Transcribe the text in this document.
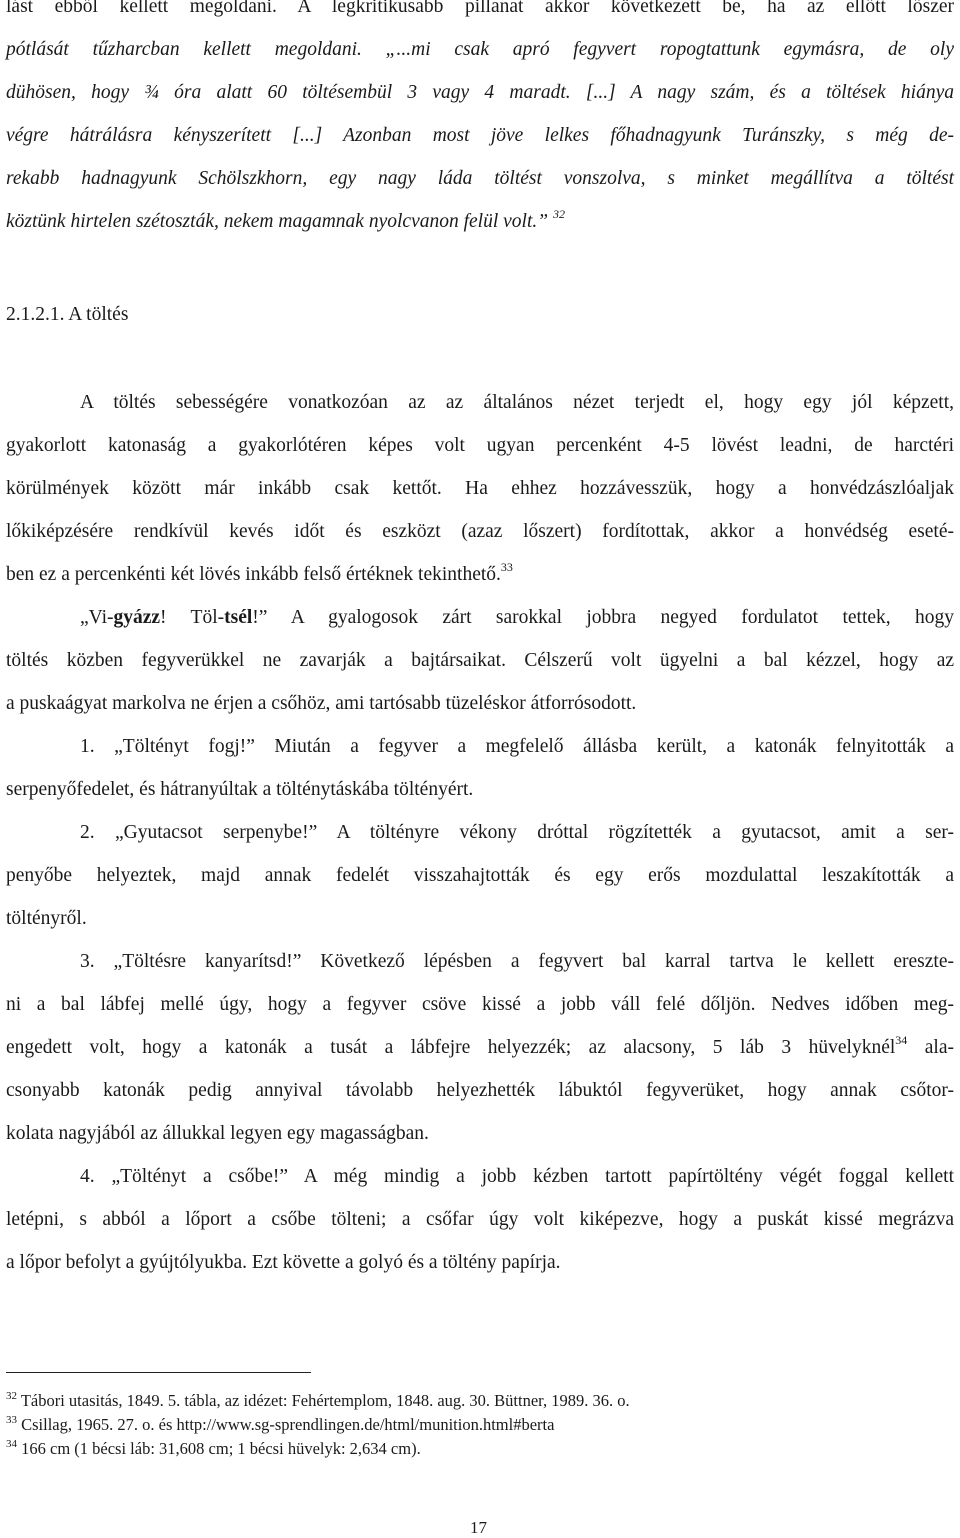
lást ebből kellett megoldani. A legkritikusabb pillanat akkor következett be, ha az ellőtt lőszer
pótlását tűzharcban kellett megoldani. „...mi csak apró fegyvert ropogtattunk egymásra, de oly
dühösen, hogy ¾ óra alatt 60 töltésembül 3 vagy 4 maradt. [...] A nagy szám, és a töltések hiánya
végre hátrálásra kényszerített [...] Azonban most jöve lelkes főhadnagyunk Turánszky, s még de-
rekabb hadnagyunk Schölszkhorn, egy nagy láda töltést vonszolva, s minket megállítva a töltést
köztünk hirtelen szétoszták, nekem magamnak nyolcvanon felül volt.” $^{32}$
2.1.2.1. A töltés
A töltés sebességére vonatkozóan az az általános nézet terjedt el, hogy egy jól képzett,
gyakorlott katonaság a gyakorlótéren képes volt ugyan percenként 4-5 lövést leadni, de harctéri
körülmények között már inkább csak kettőt. Ha ehhez hozzávesszük, hogy a honvédzászlóaljak
lőkiképzésére rendkívül kevés időt és eszközt (azaz lőszert) fordítottak, akkor a honvédség eseté-
ben ez a percenkénti két lövés inkább felső értéknek tekinthető.$^{33}$
„Vi-gyázz! Töl-tsél!” A gyalogosok zárt sarokkal jobbra negyed fordulatot tettek, hogy
töltés közben fegyverükkel ne zavarják a bajtársaikat. Célszerű volt ügyelni a bal kézzel, hogy az
a puskaágyat markolva ne érjen a csőhöz, ami tartósabb tüzeléskor átforrósodott.
1. „Töltényt fogj!” Miután a fegyver a megfelelő állásba került, a katonák felnyitották a
serpenyőfedelet, és hátranyúltak a tölténytáskába töltényért.
2. „Gyutacsot serpenybe!” A töltényre vékony dróttal rögzítették a gyutacsot, amit a ser-
penyőbe helyeztek, majd annak fedelét visszahajtották és egy erős mozdulattal leszakították a
töltényről.
3. „Töltésre kanyarítsd!” Következő lépésben a fegyvert bal karral tartva le kellett ereszte-
ni a bal lábfej mellé úgy, hogy a fegyver csöve kissé a jobb váll felé dőljön. Nedves időben meg-
engedett volt, hogy a katonák a tusát a lábfejre helyezzék; az alacsony, 5 láb 3 hüvelyknél$^{34}$ ala-
csonyabb katonák pedig annyival távolabb helyezhették lábuktól fegyverüket, hogy annak csőtor-
kolata nagyjából az állukkal legyen egy magasságban.
4. „Töltényt a csőbe!” A még mindig a jobb kézben tartott papírtöltény végét foggal kellett
letépni, s abból a lőport a csőbe tölteni; a csőfar úgy volt kiképezve, hogy a puskát kissé megrázva
a lőpor befolyt a gyújtólyukba. Ezt követte a golyó és a töltény papírja.
$^{32}$ Tábori utasitás, 1849. 5. tábla, az idézet: Fehértemplom, 1848. aug. 30. Büttner, 1989. 36. o.
$^{33}$ Csillag, 1965. 27. o. és http://www.sg-sprendlingen.de/html/munition.html#berta
$^{34}$ 166 cm (1 bécsi láb: 31,608 cm; 1 bécsi hüvelyk: 2,634 cm).
17
